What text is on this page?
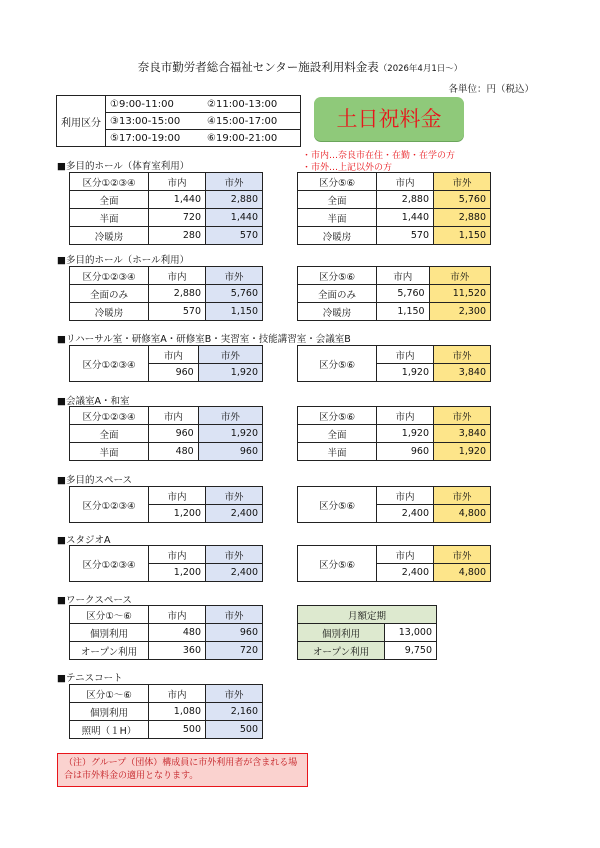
奈良市勤労者総合福祉センター施設利用料金表（2026年4月1日～）
各単位：円（税込）
利用区分	①9:00-11:00	②11:00-13:00
	③13:00-15:00	④15:00-17:00
	⑤17:00-19:00	⑥19:00-21:00
土日祝料金
・市内…奈良市在住・在勤・在学の方
・市外…上記以外の方
■多目的ホール（体育室利用）
区分①②③④	市内	市外
全面	1,440	2,880
半面	720	1,440
冷暖房	280	570
区分⑤⑥	市内	市外
全面	2,880	5,760
半面	1,440	2,880
冷暖房	570	1,150
■多目的ホール（ホール利用）
区分①②③④	市内	市外
全面のみ	2,880	5,760
冷暖房	570	1,150
区分⑤⑥	市内	市外
全面のみ	5,760	11,520
冷暖房	1,150	2,300
■リハーサル室・研修室A・研修室B・実習室・技能講習室・会議室B
区分①②③④	市内	市外
	960	1,920
区分⑤⑥	市内	市外
	1,920	3,840
■会議室A・和室
区分①②③④	市内	市外
全面	960	1,920
半面	480	960
区分⑤⑥	市内	市外
全面	1,920	3,840
半面	960	1,920
■多目的スペース
区分①②③④	市内	市外
	1,200	2,400
区分⑤⑥	市内	市外
	2,400	4,800
■スタジオA
区分①②③④	市内	市外
	1,200	2,400
区分⑤⑥	市内	市外
	2,400	4,800
■ワークスペース
区分①～⑥	市内	市外
個別利用	480	960
オープン利用	360	720
月額定期	
個別利用	13,000
オープン利用	9,750
■テニスコート
区分①～⑥	市内	市外
個別利用	1,080	2,160
照明（１H）	500	500
（注）グループ（団体）構成員に市外利用者が含まれる場合は市外料金の適用となります。
